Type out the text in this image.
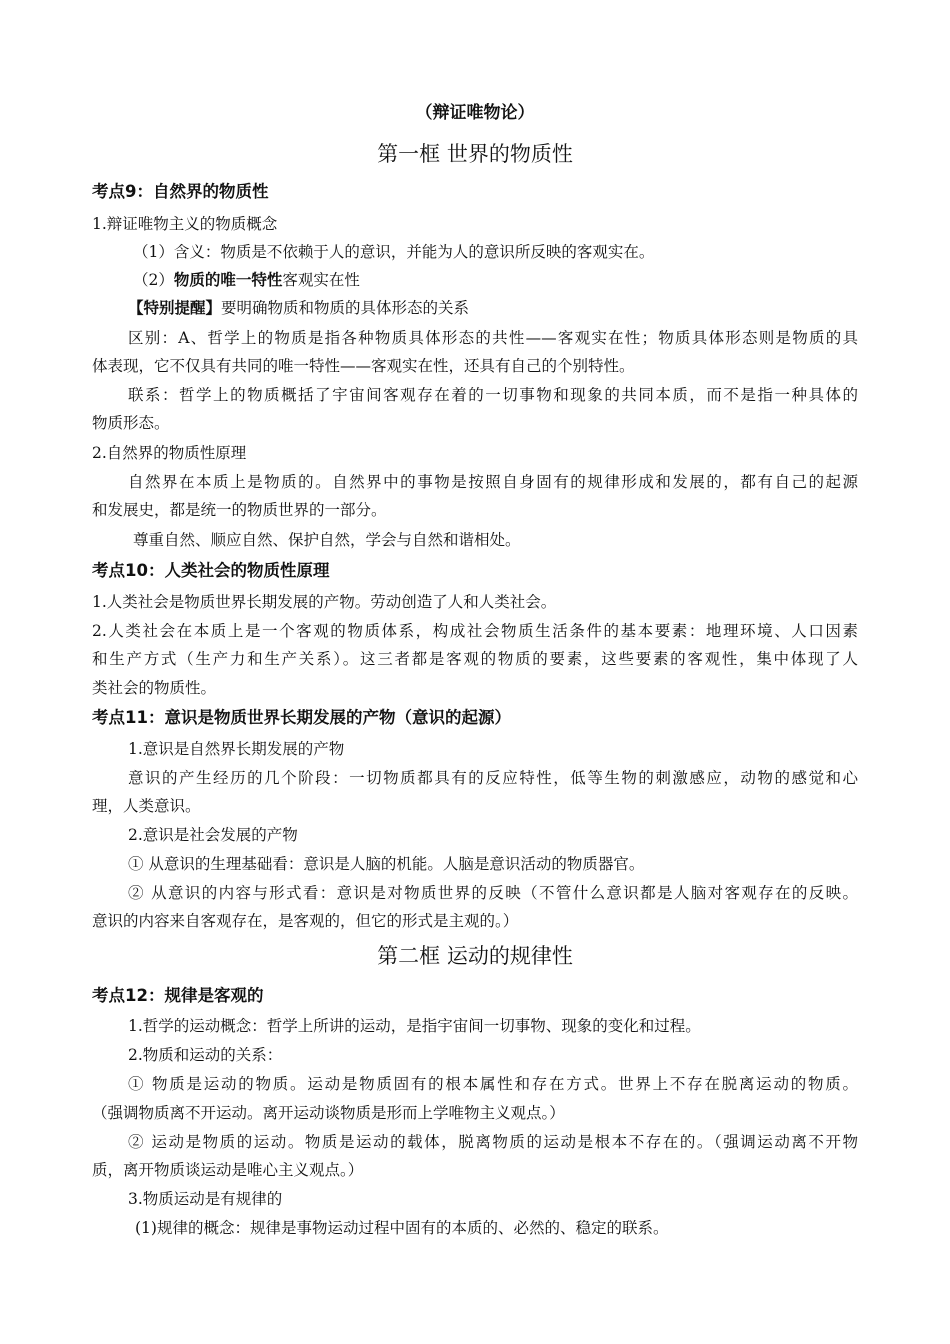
（辩证唯物论）
第一框 世界的物质性
考点9：自然界的物质性
1.辩证唯物主义的物质概念
（1）含义：物质是不依赖于人的意识，并能为人的意识所反映的客观实在。
（2）物质的唯一特性客观实在性
【特别提醒】要明确物质和物质的具体形态的关系
区别：A、哲学上的物质是指各种物质具体形态的共性——客观实在性；物质具体形态则是物质的具
体表现，它不仅具有共同的唯一特性——客观实在性，还具有自己的个别特性。
联系：哲学上的物质概括了宇宙间客观存在着的一切事物和现象的共同本质，而不是指一种具体的
物质形态。
2.自然界的物质性原理
自然界在本质上是物质的。自然界中的事物是按照自身固有的规律形成和发展的，都有自己的起源
和发展史，都是统一的物质世界的一部分。
尊重自然、顺应自然、保护自然，学会与自然和谐相处。
考点10：人类社会的物质性原理
1.人类社会是物质世界长期发展的产物。劳动创造了人和人类社会。
2.人类社会在本质上是一个客观的物质体系，构成社会物质生活条件的基本要素：地理环境、人口因素
和生产方式（生产力和生产关系）。这三者都是客观的物质的要素，这些要素的客观性，集中体现了人
类社会的物质性。
考点11：意识是物质世界长期发展的产物（意识的起源）
1.意识是自然界长期发展的产物
意识的产生经历的几个阶段：一切物质都具有的反应特性，低等生物的刺激感应，动物的感觉和心
理，人类意识。
2.意识是社会发展的产物
① 从意识的生理基础看：意识是人脑的机能。人脑是意识活动的物质器官。
② 从意识的内容与形式看：意识是对物质世界的反映（不管什么意识都是人脑对客观存在的反映。
意识的内容来自客观存在，是客观的，但它的形式是主观的。）
第二框 运动的规律性
考点12：规律是客观的
1.哲学的运动概念：哲学上所讲的运动，是指宇宙间一切事物、现象的变化和过程。
2.物质和运动的关系：
① 物质是运动的物质。运动是物质固有的根本属性和存在方式。世界上不存在脱离运动的物质。
（强调物质离不开运动。离开运动谈物质是形而上学唯物主义观点。）
② 运动是物质的运动。物质是运动的载体，脱离物质的运动是根本不存在的。（强调运动离不开物
质，离开物质谈运动是唯心主义观点。）
3.物质运动是有规律的
(1)规律的概念：规律是事物运动过程中固有的本质的、必然的、稳定的联系。
